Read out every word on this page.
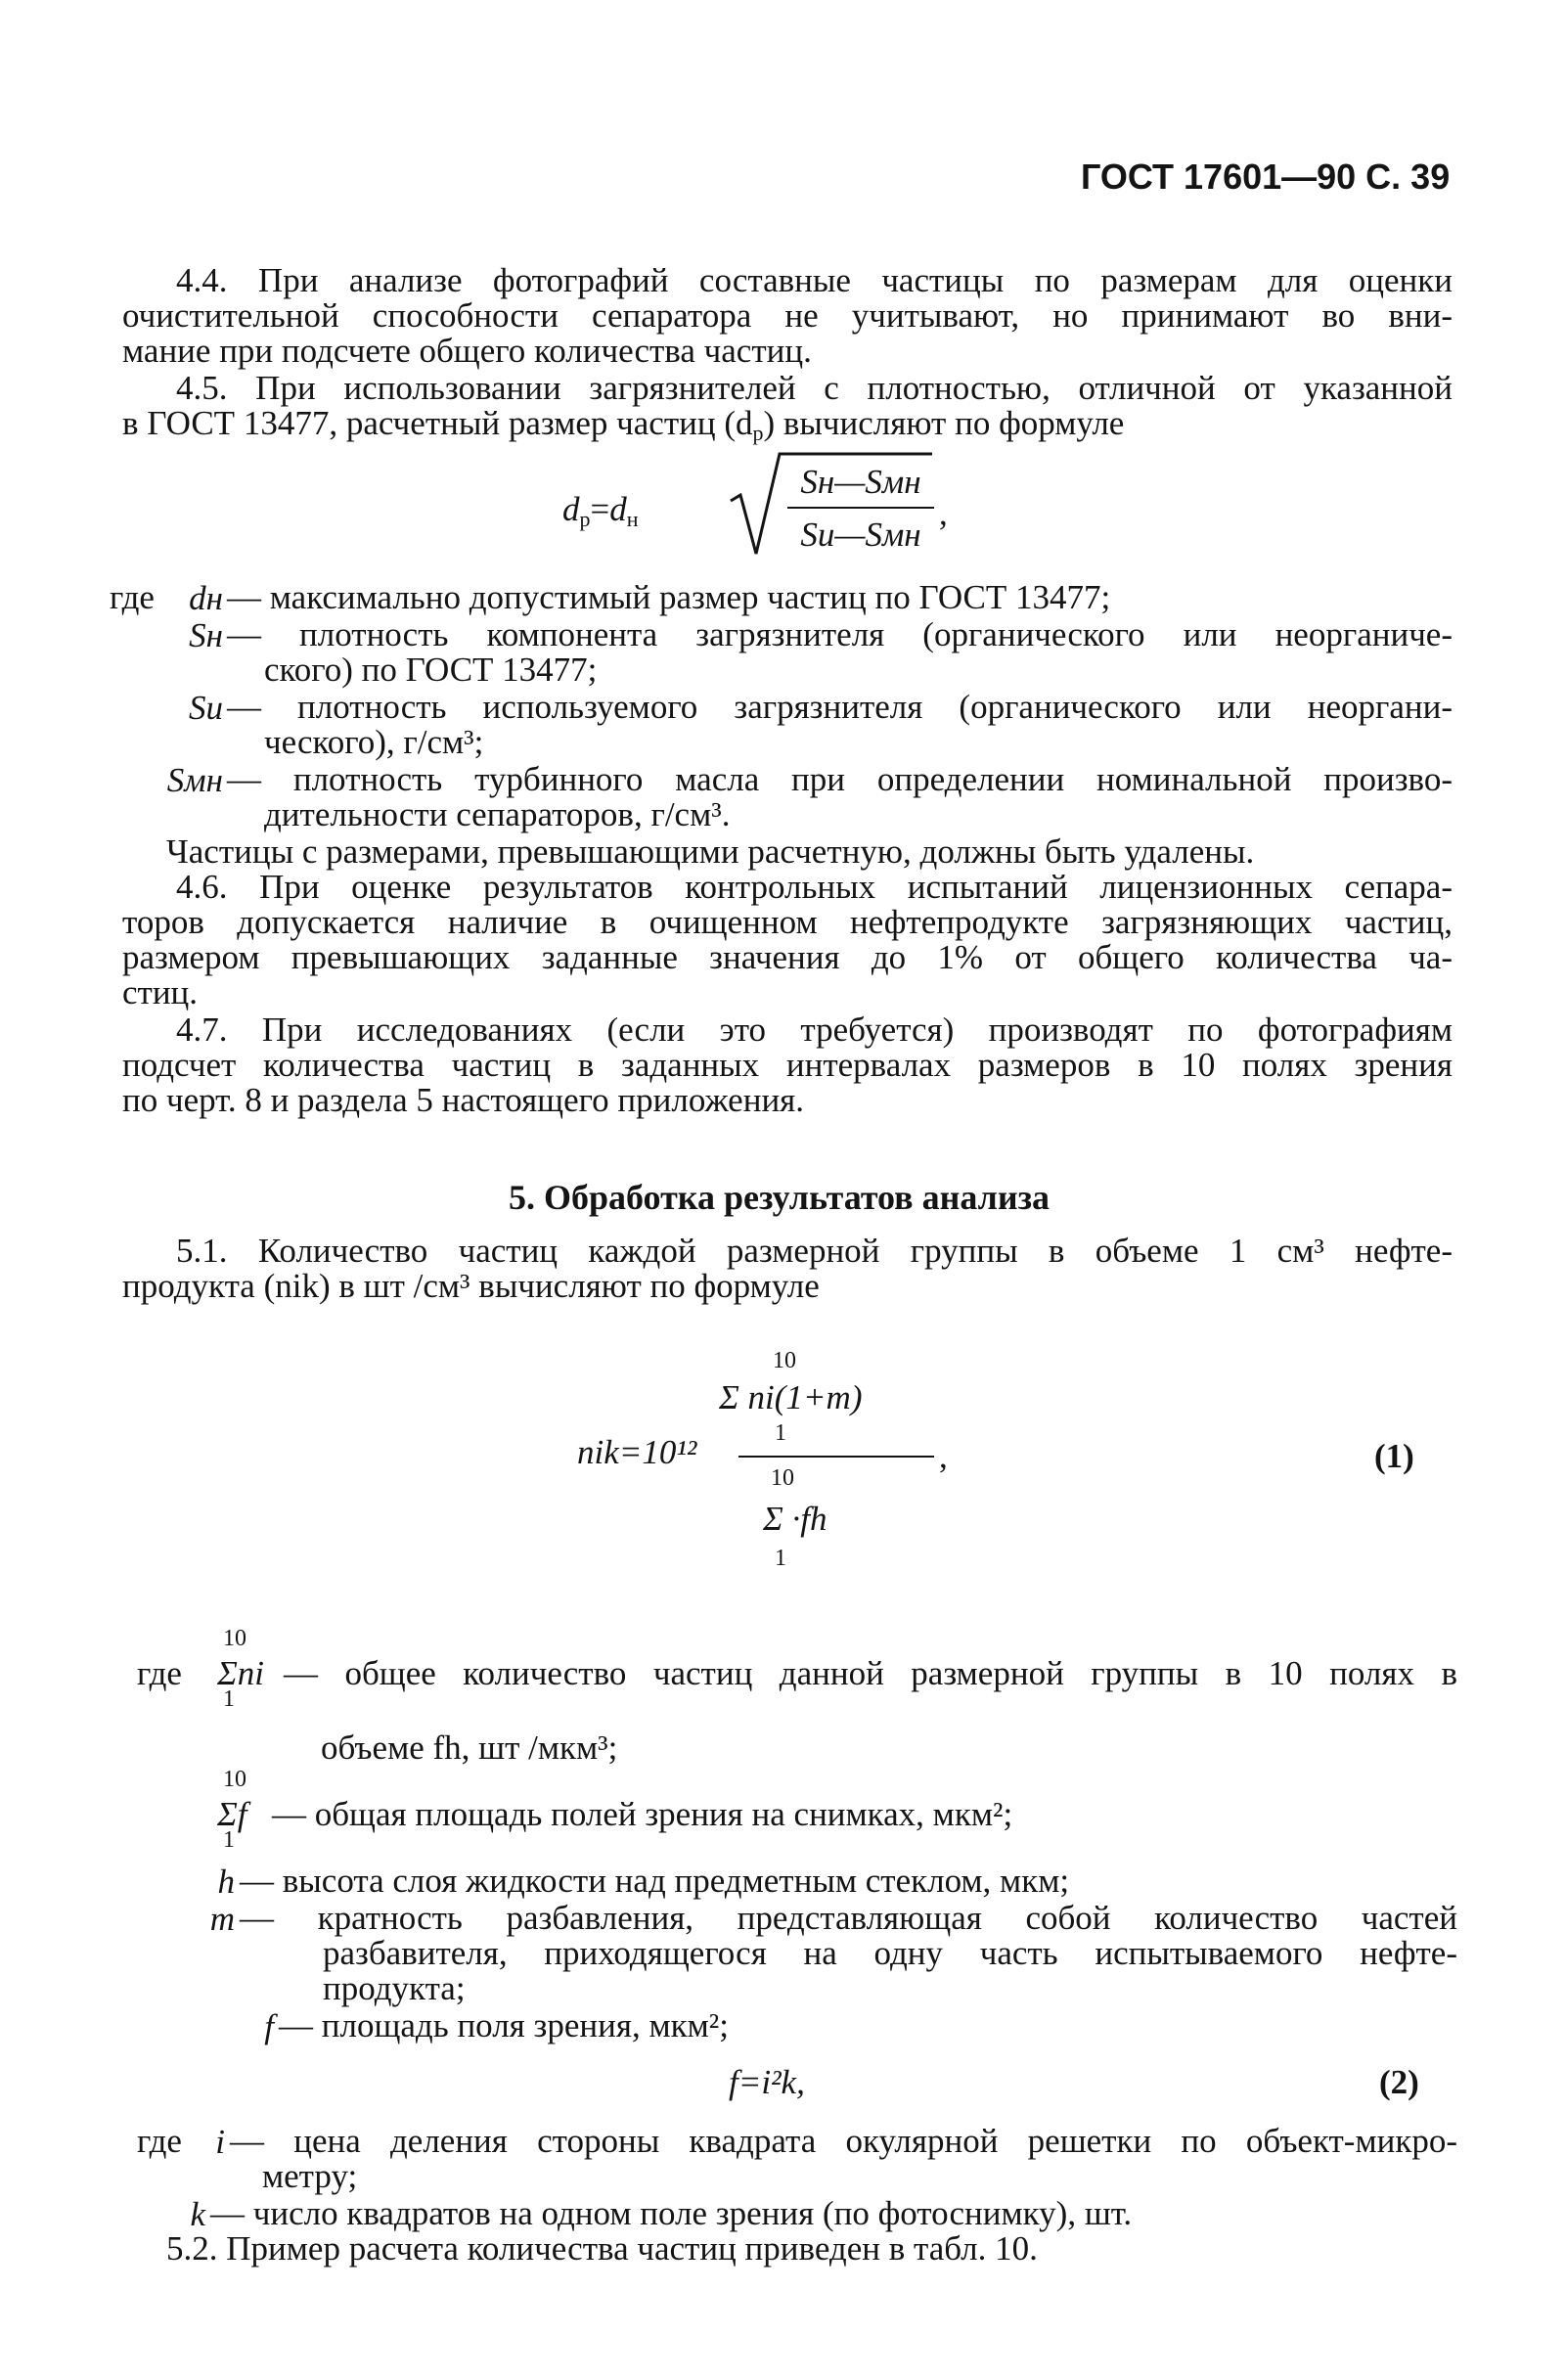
ГОСТ 17601—90 С. 39
4.4. При анализе фотографий составные частицы по размерам для оценки
очистительной способности сепаратора не учитывают, но принимают во вни-
мание при подсчете общего количества частиц.
4.5. При использовании загрязнителей с плотностью, отличной от указанной
в ГОСТ 13477, расчетный размер частиц $(d_p)$ вычисляют по формуле
$d_р=d_н$
Sн—Sмн
Sи—Sмн
,
где	dн — максимально допустимый размер частиц по ГОСТ 13477;
Sн — плотность компонента загрязнителя (органического или неорганиче-
ского) по ГОСТ 13477;
Sи — плотность используемого загрязнителя (органического или неоргани-
ческого), г/см³;
Sмн — плотность турбинного масла при определении номинальной произво-
дительности сепараторов, г/см³.
Частицы с размерами, превышающими расчетную, должны быть удалены.
4.6. При оценке результатов контрольных испытаний лицензионных сепара-
торов допускается наличие в очищенном нефтепродукте загрязняющих частиц,
размером превышающих заданные значения до 1% от общего количества ча-
стиц.
4.7. При исследованиях (если это требуется) производят по фотографиям
подсчет количества частиц в заданных интервалах размеров в 10 полях зрения
по черт. 8 и раздела 5 настоящего приложения.
5. Обработка результатов анализа
5.1. Количество частиц каждой размерной группы в объеме 1 см³ нефте-
продукта (nik) в шт /см³ вычисляют по формуле
10
Σ ni(1+m)
nik=10¹²	1
10
Σ ·fh
1
,	(1)
10
где Σni
1
— общее количество частиц данной размерной группы в 10 полях в
объеме fh, шт /мкм³;
10
Σf
1
— общая площадь полей зрения на снимках, мкм²;
h — высота слоя жидкости над предметным стеклом, мкм;
m — кратность разбавления, представляющая собой количество частей
разбавителя, приходящегося на одну часть испытываемого нефте-
продукта;
f — площадь поля зрения, мкм²;
f=i²k,	(2)
где i — цена деления стороны квадрата окулярной решетки по объект-микро-
метру;
k — число квадратов на одном поле зрения (по фотоснимку), шт.
5.2. Пример расчета количества частиц приведен в табл. 10.
